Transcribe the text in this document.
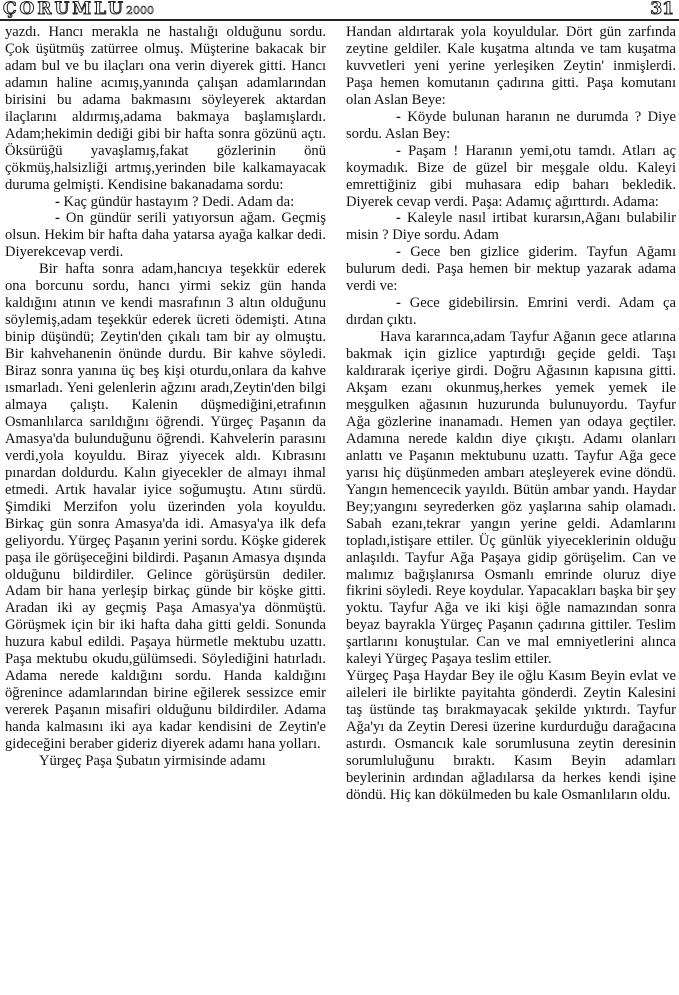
ÇORUMLU 2000	31

yazdı. Hancı merakla ne hastalığı olduğunu sordu. Çok üşütmüş zatürree olmuş. Müşterine bakacak bir adam bul ve bu ilaçları ona verin diyerek gitti. Hancı adamın haline acımış,yanında çalışan adamlarından birisini bu adama bakmasını söyleyerek aktardan ilaçlarını aldırmış,adama bakmaya başlamışlardı. Adam;hekimin dediği gibi bir hafta sonra gözünü açtı. Öksürüğü yavaşlamış,fakat gözlerinin önü çökmüş,halsizliği artmış,yerinden bile kalkamayacak duruma gelmişti. Kendisine bakanadama sordu:

- Kaç gündür hastayım ? Dedi. Adam da:

- On gündür serili yatıyorsun ağam. Geçmiş olsun. Hekim bir hafta daha yatarsa ayağa kalkar dedi. Diyerekcevap verdi.

Bir hafta sonra adam,hancıya teşekkür ederek ona borcunu sordu, hancı yirmi sekiz gün handa kaldığını atının ve kendi masrafının 3 altın olduğunu söylemiş,adam teşekkür ederek ücreti ödemişti. Atına binip düşündü; Zeytin'den çıkalı tam bir ay olmuştu. Bir kahvehanenin önünde durdu. Bir kahve söyledi. Biraz sonra yanına üç beş kişi oturdu,onlara da kahve ısmarladı. Yeni gelenlerin ağzını aradı,Zeytin'den bilgi almaya çalıştı. Kalenin düşmediğini,etrafının Osmanlılarca sarıldığını öğrendi. Yürgeç Paşanın da Amasya'da bulunduğunu öğrendi. Kahvelerin parasını verdi,yola koyuldu. Biraz yiyecek aldı. Kıbrasını pınardan doldurdu. Kalın giyecekler de almayı ihmal etmedi. Artık havalar iyice soğumuştu. Atını sürdü. Şimdiki Merzifon yolu üzerinden yola koyuldu. Birkaç gün sonra Amasya'da idi. Amasya'ya ilk defa geliyordu. Yürgeç Paşanın yerini sordu. Köşke giderek paşa ile görüşeceğini bildirdi. Paşanın Amasya dışında olduğunu bildirdiler. Gelince görüşürsün dediler. Adam bir hana yerleşip birkaç günde bir köşke gitti. Aradan iki ay geçmiş Paşa Amasya'ya dönmüştü. Görüşmek için bir iki hafta daha gitti geldi. Sonunda huzura kabul edildi. Paşaya hürmetle mektubu uzattı. Paşa mektubu okudu,gülümsedi. Söylediğini hatırladı. Adama nerede kaldığını sordu. Handa kaldığını öğrenince adamlarından birine eğilerek sessizce emir vererek Paşanın misafiri olduğunu bildirdiler. Adama handa kalmasını iki aya kadar kendisini de Zeytin'e gideceğini beraber gideriz diyerek adamı hana yolları.

Yürgeç Paşa Şubatın yirmisinde adamı

Handan aldırtarak yola koyuldular. Dört gün zarfında zeytine geldiler. Kale kuşatma altında ve tam kuşatma kuvvetleri yeni yerine yerleşiken Zeytin' inmişlerdi. Paşa hemen komutanın çadırına gitti. Paşa komutanı olan Aslan Beye:

- Köyde bulunan haranın ne durumda ? Diye sordu. Aslan Bey:

- Paşam ! Haranın yemi,otu tamdı. Atları aç koymadık. Bize de güzel bir meşgale oldu. Kaleyi emrettiğiniz gibi muhasara edip baharı bekledik. Diyerek cevap verdi. Paşa: Adamıç ağırttırdı. Adama:

- Kaleyle nasıl irtibat kurarsın,Ağanı bulabilir misin ? Diye sordu. Adam

- Gece ben gizlice giderim. Tayfun Ağamı bulurum dedi. Paşa hemen bir mektup yazarak adama verdi ve:

- Gece gidebilirsin. Emrini verdi. Adam ça dırdan çıktı.

Hava kararınca,adam Tayfur Ağanın gece atlarına bakmak için gizlice yaptırdığı geçide geldi. Taşı kaldırarak içeriye girdi. Doğru Ağasının kapısına gitti. Akşam ezanı okunmuş,herkes yemek yemek ile meşgulken ağasının huzurunda bulunuyordu. Tayfur Ağa gözlerine inanamadı. Hemen yan odaya geçtiler. Adamına nerede kaldın diye çıkıştı. Adamı olanları anlattı ve Paşanın mektubunu uzattı. Tayfur Ağa gece yarısı hiç düşünmeden ambarı ateşleyerek evine döndü. Yangın hemencecik yayıldı. Bütün ambar yandı. Haydar Bey;yangını seyrederken göz yaşlarına sahip olamadı. Sabah ezanı,tekrar yangın yerine geldi. Adamlarını topladı,istişare ettiler. Üç günlük yiyeceklerinin olduğu anlaşıldı. Tayfur Ağa Paşaya gidip görüşelim. Can ve malımız bağışlanırsa Osmanlı emrinde oluruz diye fikrini söyledi. Reye koydular. Yapacakları başka bir şey yoktu. Tayfur Ağa ve iki kişi öğle namazından sonra beyaz bayrakla Yürgeç Paşanın çadırına gittiler. Teslim şartlarını konuştular. Can ve mal emniyetlerini alınca kaleyi Yürgeç Paşaya teslim ettiler.

Yürgeç Paşa Haydar Bey ile oğlu Kasım Beyin evlat ve aileleri ile birlikte payitahta gönderdi. Zeytin Kalesini taş üstünde taş bırakmayacak şekilde yıktırdı. Tayfur Ağa'yı da Zeytin Deresi üzerine kurdurduğu darağacına astırdı. Osmancık kale sorumlusuna zeytin deresinin sorumluluğunu bıraktı. Kasım Beyin adamları beylerinin ardından ağladılarsa da herkes kendi işine döndü. Hiç kan dökülmeden bu kale Osmanlıların oldu.
